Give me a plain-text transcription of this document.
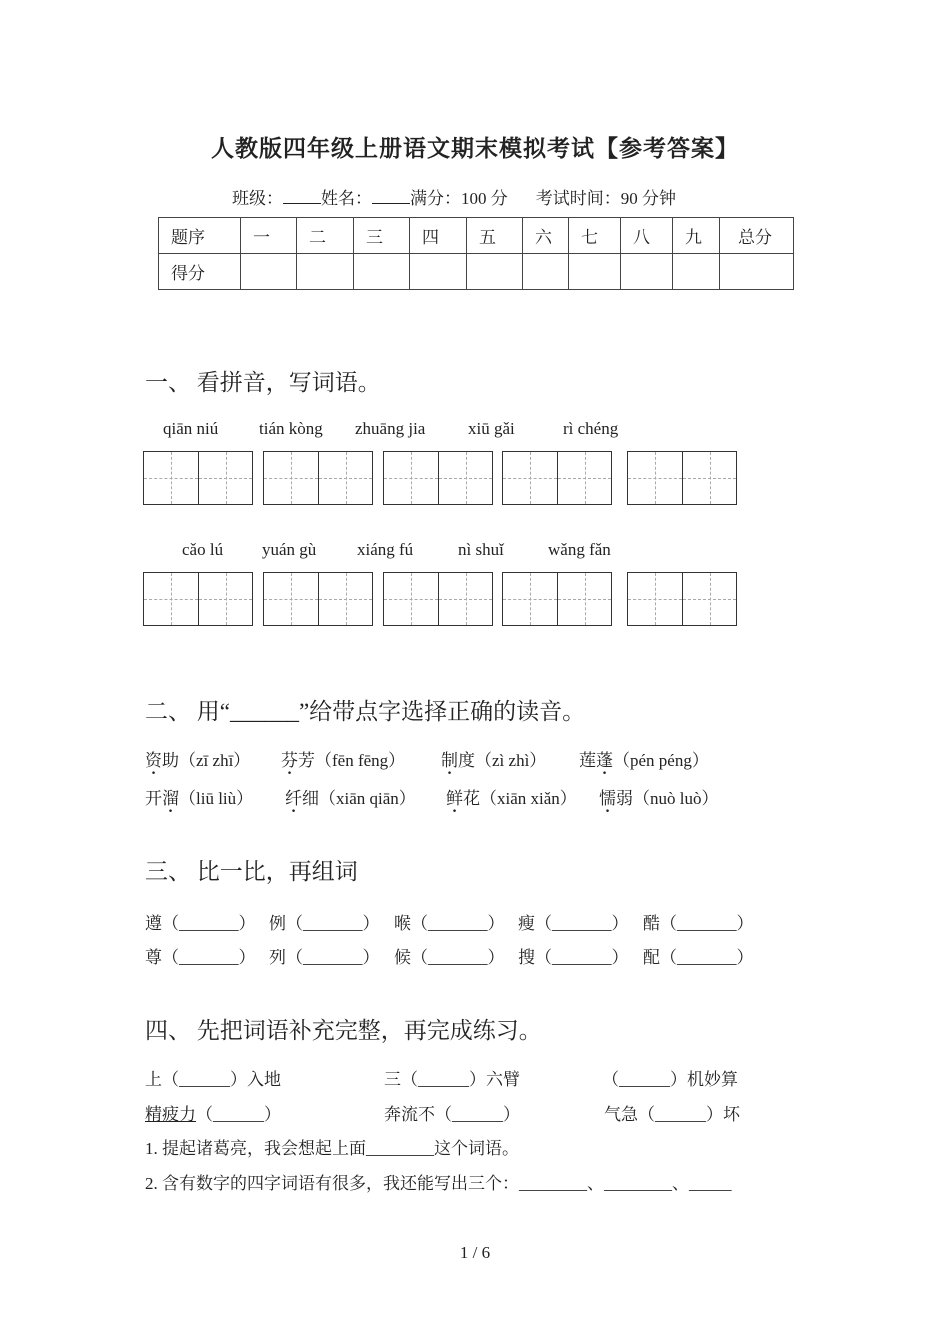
人教版四年级上册语文期末模拟考试【参考答案】
班级： 姓名： 满分：100 分 考试时间：90 分钟
题序	一	二	三	四	五	六	七	八	九	总分
得分										
一、 看拼音，写词语。
qiān niú tián kòng zhuāng jia	xiū gǎi	rì chéng
cǎo lú yuán gù xiáng fú	nì shuǐ	wǎng fǎn
二、 用“______”给带点字选择正确的读音。
资助（zī zhī） 芬芳（fēn fēng） 制度（zì zhì） 莲蓬（pén péng）
开溜（liū liù） 纤细（xiān qiān） 鲜花（xiān xiǎn） 懦弱（nuò luò）
三、 比一比，再组词
遵（_______） 例（_______） 喉（_______） 瘦（_______） 酷（_______）
尊（_______） 列（_______） 候（_______） 搜（_______） 配（_______）
四、 先把词语补充完整，再完成练习。
上（______）入地	三（______）六臂	（______）机妙算
精疲力（______）	奔流不（______）	气急（______）坏
1. 提起诸葛亮，我会想起上面________这个词语。
2. 含有数字的四字词语有很多，我还能写出三个：________、________、_____
1 / 6
